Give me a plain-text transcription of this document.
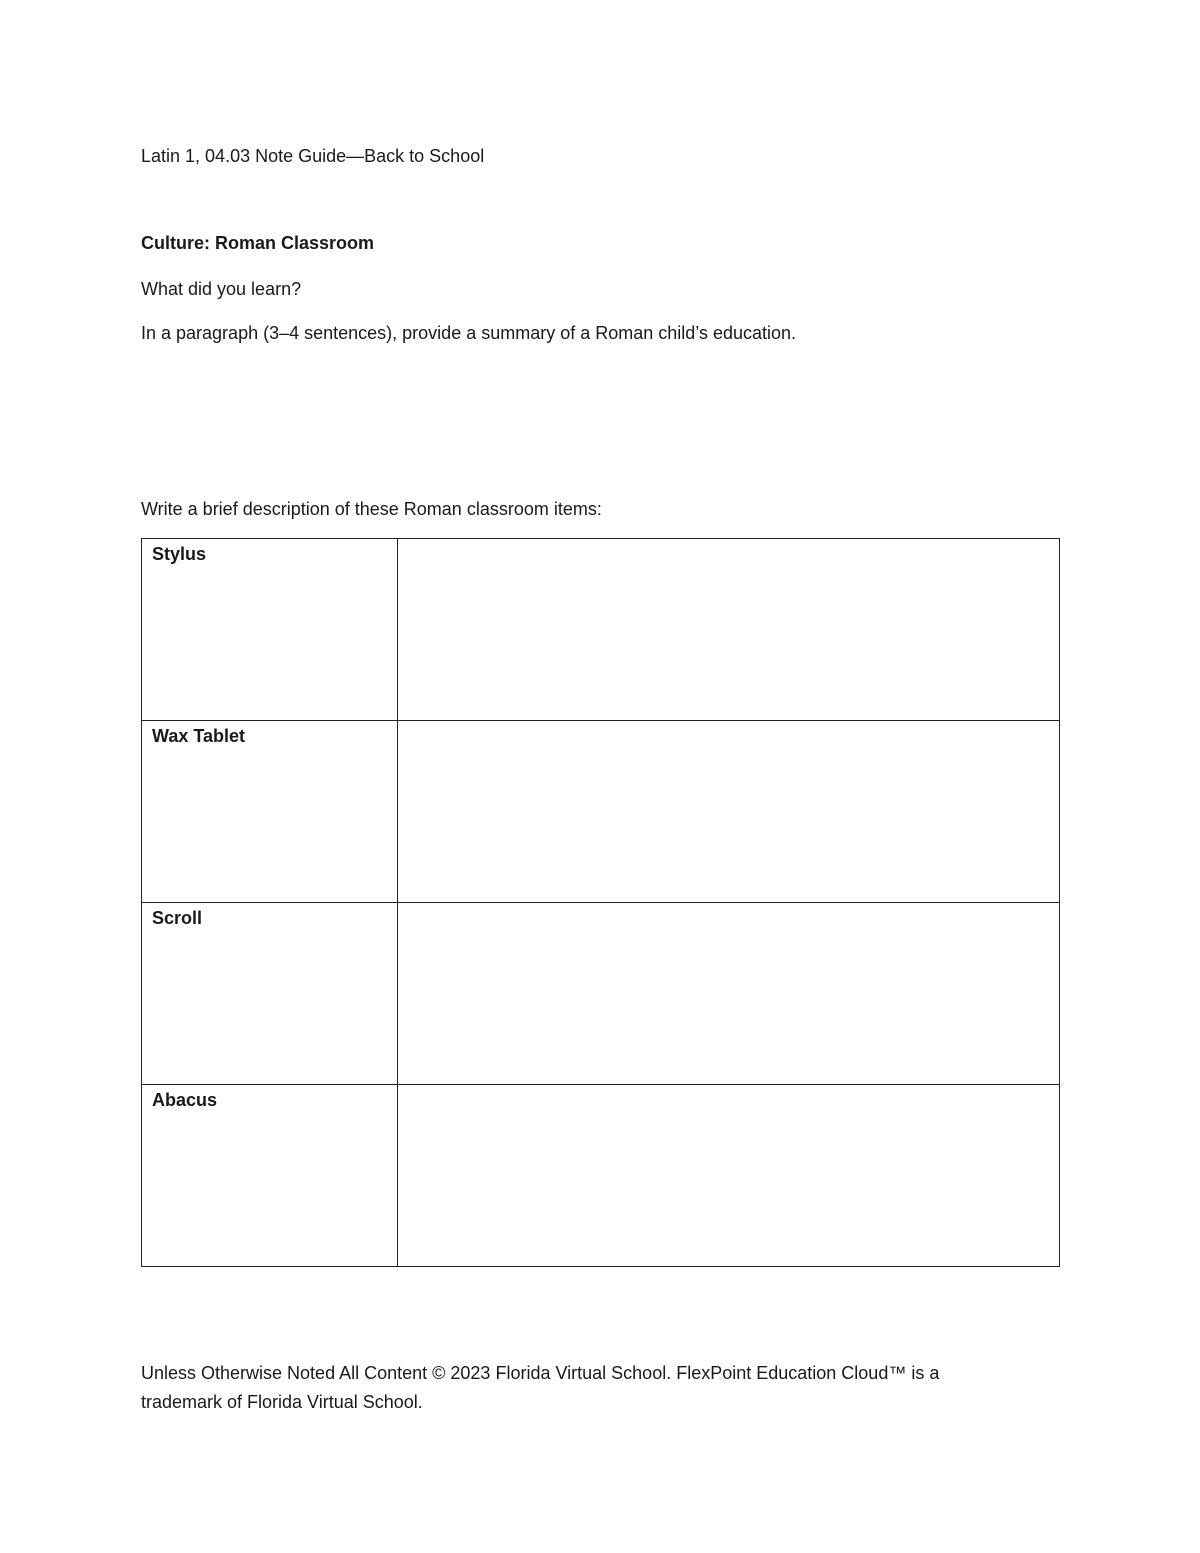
Latin 1, 04.03 Note Guide—Back to School
Culture: Roman Classroom
What did you learn?
In a paragraph (3–4 sentences), provide a summary of a Roman child’s education.
Write a brief description of these Roman classroom items:
Stylus	
Wax Tablet	
Scroll	
Abacus	
Unless Otherwise Noted All Content © 2023 Florida Virtual School. FlexPoint Education Cloud™ is a
trademark of Florida Virtual School.
